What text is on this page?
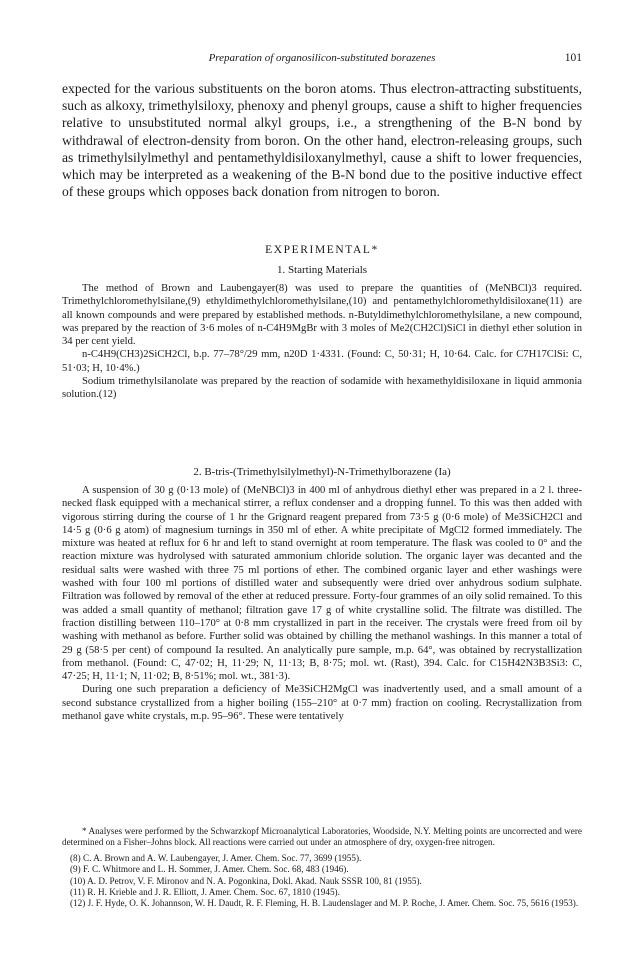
Preparation of organosilicon-substituted borazenes	101

expected for the various substituents on the boron atoms. Thus electron-attracting substituents, such as alkoxy, trimethylsiloxy, phenoxy and phenyl groups, cause a shift to higher frequencies relative to unsubstituted normal alkyl groups, i.e., a strengthening of the B-N bond by withdrawal of electron-density from boron. On the other hand, electron-releasing groups, such as trimethylsilylmethyl and pentamethyldisiloxanylmethyl, cause a shift to lower frequencies, which may be interpreted as a weakening of the B-N bond due to the positive inductive effect of these groups which opposes back donation from nitrogen to boron.

EXPERIMENTAL*
1. Starting Materials

The method of Brown and Laubengayer(8) was used to prepare the quantities of (MeNBCl)3 required. Trimethylchloromethylsilane,(9) ethyldimethylchloromethylsilane,(10) and pentamethylchloromethyldisiloxane(11) are all known compounds and were prepared by established methods. n-Butyldimethylchloromethylsilane, a new compound, was prepared by the reaction of 3·6 moles of n-C4H9MgBr with 3 moles of Me2(CH2Cl)SiCl in diethyl ether solution in 34 per cent yield.

n-C4H9(CH3)2SiCH2Cl, b.p. 77–78°/29 mm, n20D 1·4331. (Found: C, 50·31; H, 10·64. Calc. for C7H17ClSi: C, 51·03; H, 10·4%.)

Sodium trimethylsilanolate was prepared by the reaction of sodamide with hexamethyldisiloxane in liquid ammonia solution.(12)

2. B-tris-(Trimethylsilylmethyl)-N-Trimethylborazene (Ia)

A suspension of 30 g (0·13 mole) of (MeNBCl)3 in 400 ml of anhydrous diethyl ether was prepared in a 2 l. three-necked flask equipped with a mechanical stirrer, a reflux condenser and a dropping funnel. To this was then added with vigorous stirring during the course of 1 hr the Grignard reagent prepared from 73·5 g (0·6 mole) of Me3SiCH2Cl and 14·5 g (0·6 g atom) of magnesium turnings in 350 ml of ether. A white precipitate of MgCl2 formed immediately. The mixture was heated at reflux for 6 hr and left to stand overnight at room temperature. The flask was cooled to 0° and the reaction mixture was hydrolysed with saturated ammonium chloride solution. The organic layer was decanted and the residual salts were washed with three 75 ml portions of ether. The combined organic layer and ether washings were washed with four 100 ml portions of distilled water and subsequently were dried over anhydrous sodium sulphate. Filtration was followed by removal of the ether at reduced pressure. Forty-four grammes of an oily solid remained. To this was added a small quantity of methanol; filtration gave 17 g of white crystalline solid. The filtrate was distilled. The fraction distilling between 110–170° at 0·8 mm crystallized in part in the receiver. The crystals were freed from oil by washing with methanol as before. Further solid was obtained by chilling the methanol washings. In this manner a total of 29 g (58·5 per cent) of compound Ia resulted. An analytically pure sample, m.p. 64°, was obtained by recrystallization from methanol. (Found: C, 47·02; H, 11·29; N, 11·13; B, 8·75; mol. wt. (Rast), 394. Calc. for C15H42N3B3Si3: C, 47·25; H, 11·1; N, 11·02; B, 8·51%; mol. wt., 381·3).

During one such preparation a deficiency of Me3SiCH2MgCl was inadvertently used, and a small amount of a second substance crystallized from a higher boiling (155–210° at 0·7 mm) fraction on cooling. Recrystallization from methanol gave white crystals, m.p. 95–96°. These were tentatively

* Analyses were performed by the Schwarzkopf Microanalytical Laboratories, Woodside, N.Y. Melting points are uncorrected and were determined on a Fisher–Johns block. All reactions were carried out under an atmosphere of dry, oxygen-free nitrogen.

(8) C. A. Brown and A. W. Laubengayer, J. Amer. Chem. Soc. 77, 3699 (1955).

(9) F. C. Whitmore and L. H. Sommer, J. Amer. Chem. Soc. 68, 483 (1946).

(10) A. D. Petrov, V. F. Mironov and N. A. Pogonkina, Dokl. Akad. Nauk SSSR 100, 81 (1955).

(11) R. H. Krieble and J. R. Elliott, J. Amer. Chem. Soc. 67, 1810 (1945).

(12) J. F. Hyde, O. K. Johannson, W. H. Daudt, R. F. Fleming, H. B. Laudenslager and M. P. Roche, J. Amer. Chem. Soc. 75, 5616 (1953).
